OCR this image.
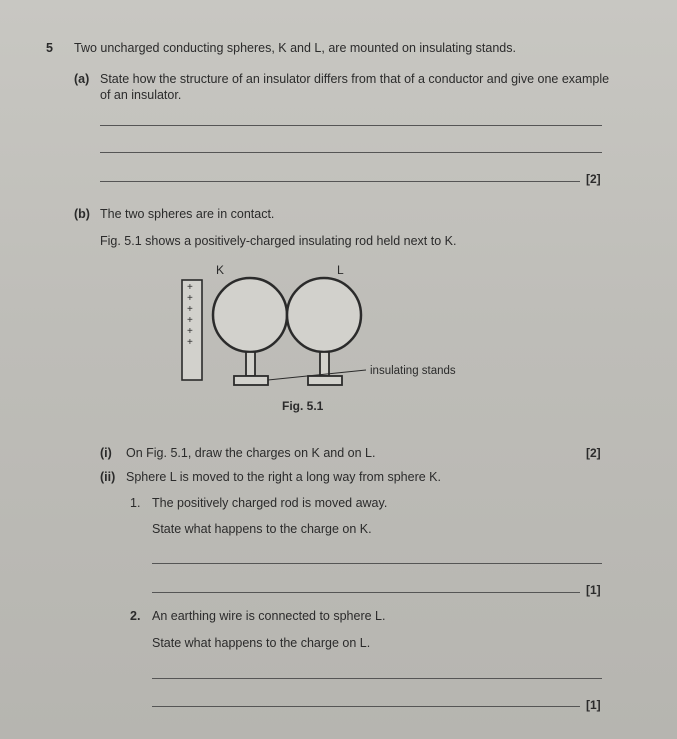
5 Two uncharged conducting spheres, K and L, are mounted on insulating stands.
(a) State how the structure of an insulator differs from that of a conductor and give one example
of an insulator.
[2]
(b) The two spheres are in contact.
Fig. 5.1 shows a positively-charged insulating rod held next to K.
+
+
+
+
+
+
K	L
insulating stands
Fig. 5.1
(i) On Fig. 5.1, draw the charges on K and on L.	[2]
(ii) Sphere L is moved to the right a long way from sphere K.
1. The positively charged rod is moved away.
State what happens to the charge on K.
[1]
2. An earthing wire is connected to sphere L.
State what happens to the charge on L.
[1]
